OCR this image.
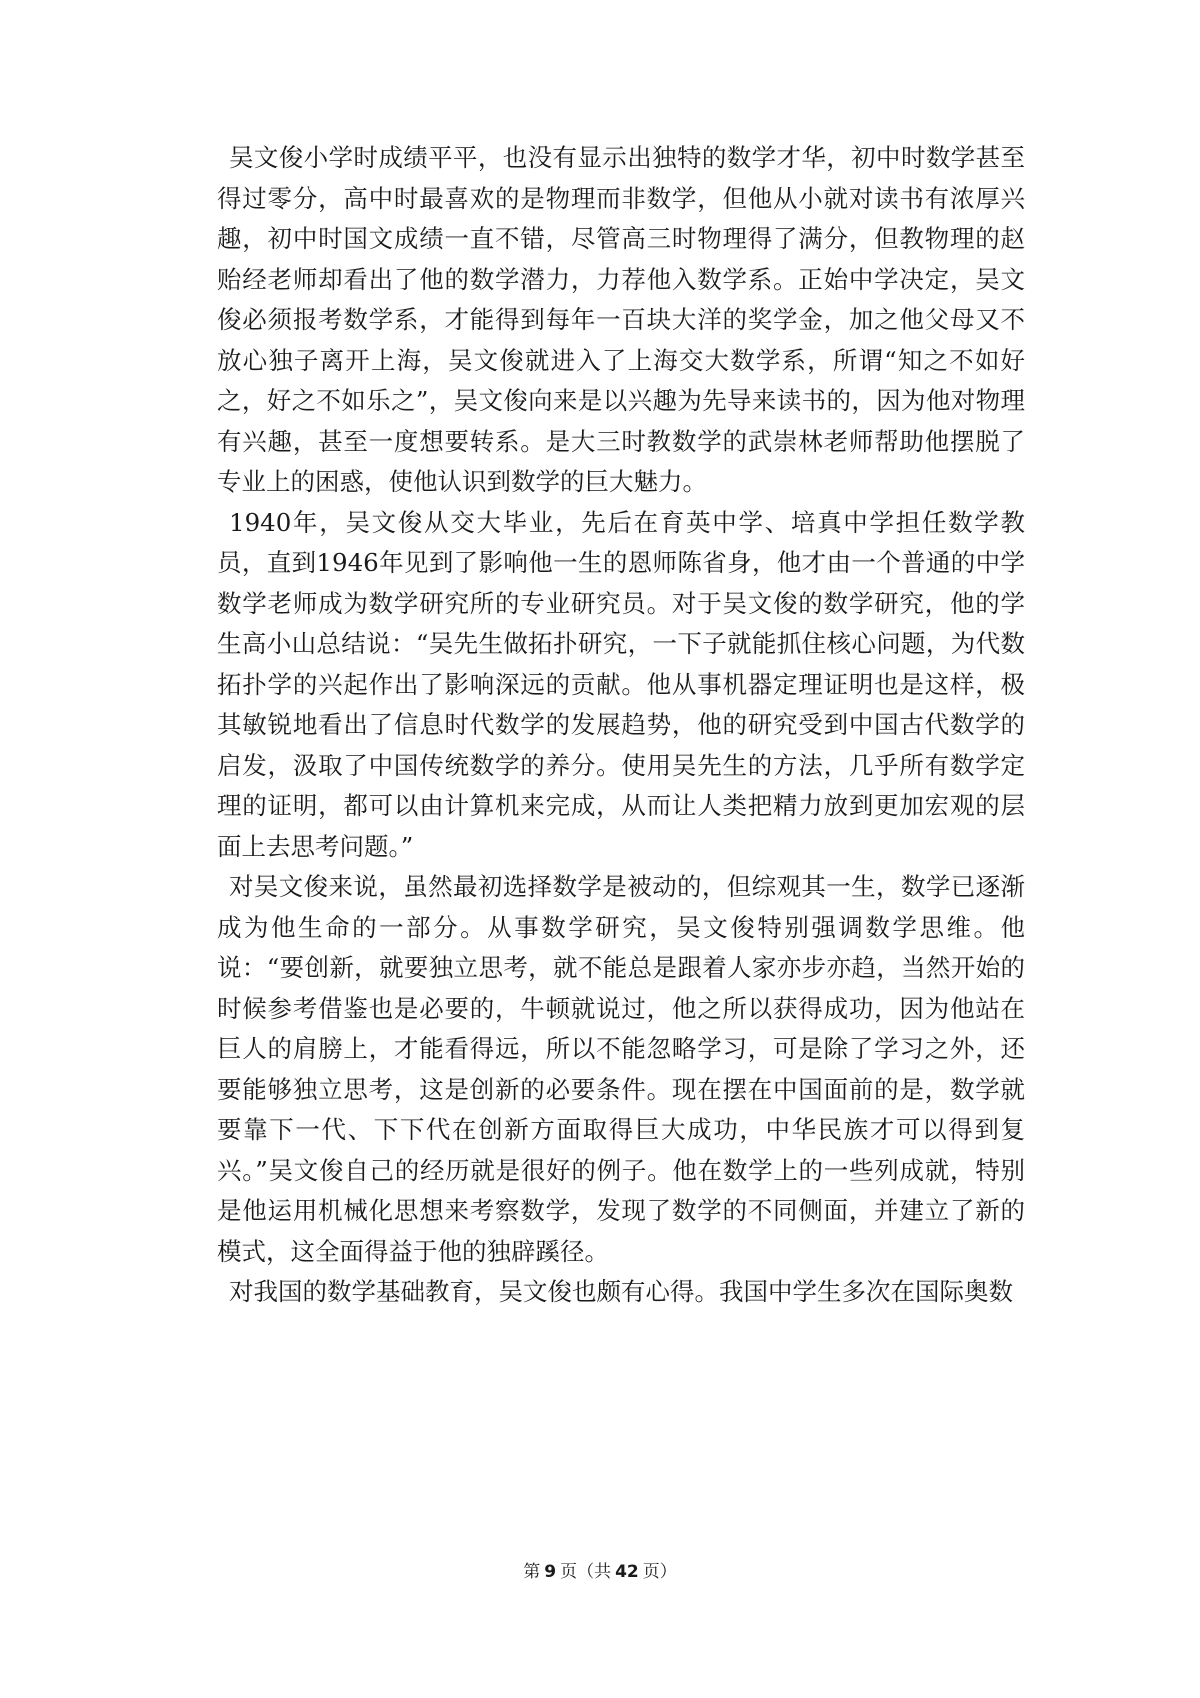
吴文俊小学时成绩平平，也没有显示出独特的数学才华，初中时数学甚至得过零分，高中时最喜欢的是物理而非数学，但他从小就对读书有浓厚兴趣，初中时国文成绩一直不错，尽管高三时物理得了满分，但教物理的赵贻经老师却看出了他的数学潜力，力荐他入数学系。正始中学决定，吴文俊必须报考数学系，才能得到每年一百块大洋的奖学金，加之他父母又不放心独子离开上海，吴文俊就进入了上海交大数学系，所谓“知之不如好之，好之不如乐之”，吴文俊向来是以兴趣为先导来读书的，因为他对物理有兴趣，甚至一度想要转系。是大三时教数学的武崇林老师帮助他摆脱了专业上的困惑，使他认识到数学的巨大魅力。

1940年，吴文俊从交大毕业，先后在育英中学、培真中学担任数学教员，直到1946年见到了影响他一生的恩师陈省身，他才由一个普通的中学数学老师成为数学研究所的专业研究员。对于吴文俊的数学研究，他的学生高小山总结说：“吴先生做拓扑研究，一下子就能抓住核心问题，为代数拓扑学的兴起作出了影响深远的贡献。他从事机器定理证明也是这样，极其敏锐地看出了信息时代数学的发展趋势，他的研究受到中国古代数学的启发，汲取了中国传统数学的养分。使用吴先生的方法，几乎所有数学定理的证明，都可以由计算机来完成，从而让人类把精力放到更加宏观的层面上去思考问题。”

对吴文俊来说，虽然最初选择数学是被动的，但综观其一生，数学已逐渐成为他生命的一部分。从事数学研究，吴文俊特别强调数学思维。他说：“要创新，就要独立思考，就不能总是跟着人家亦步亦趋，当然开始的时候参考借鉴也是必要的，牛顿就说过，他之所以获得成功，因为他站在巨人的肩膀上，才能看得远，所以不能忽略学习，可是除了学习之外，还要能够独立思考，这是创新的必要条件。现在摆在中国面前的是，数学就要靠下一代、下下代在创新方面取得巨大成功，中华民族才可以得到复兴。”吴文俊自己的经历就是很好的例子。他在数学上的一些列成就，特别是他运用机械化思想来考察数学，发现了数学的不同侧面，并建立了新的模式，这全面得益于他的独辟蹊径。

对我国的数学基础教育，吴文俊也颇有心得。我国中学生多次在国际奥数

第 9 页（共 42 页）
